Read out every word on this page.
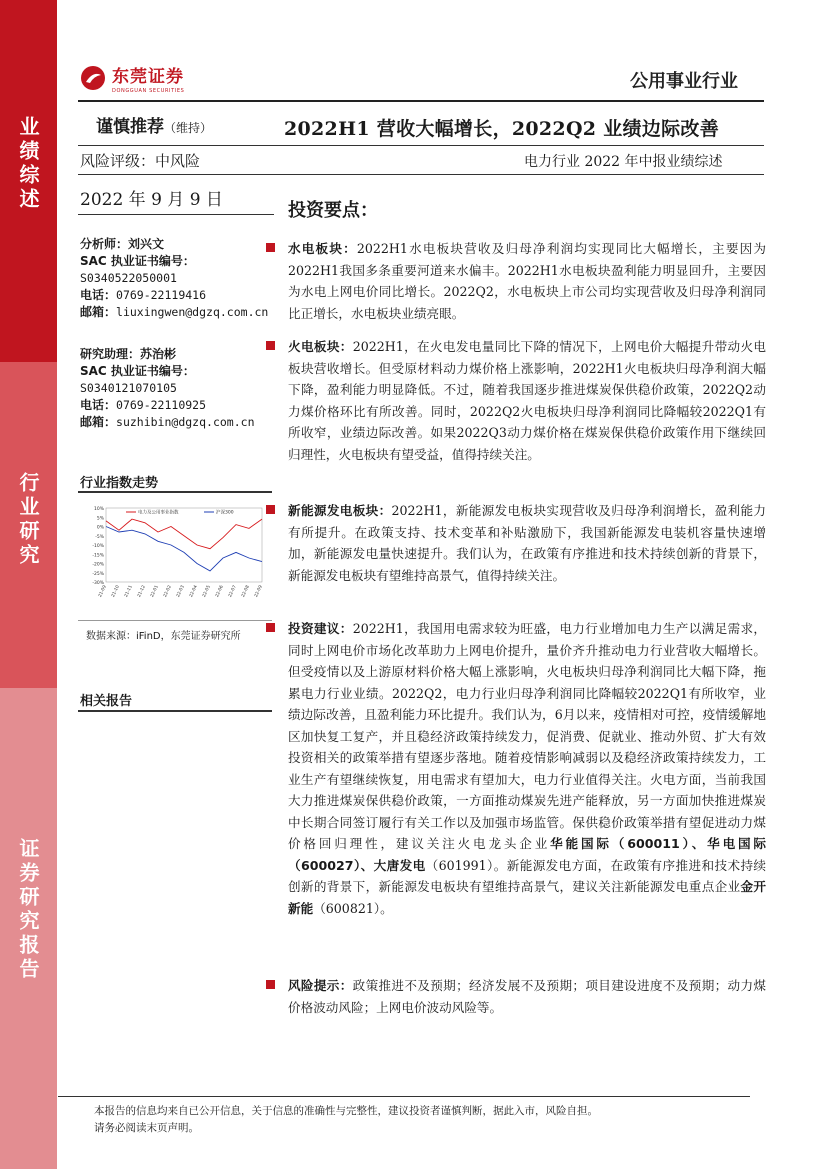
业绩综述
行业研究
证券研究报告
东莞证券
DONGGUAN SECURITIES	公用事业行业
谨慎推荐（维持）	2022H1 营收大幅增长，2022Q2 业绩边际改善
风险评级：中风险	电力行业 2022 年中报业绩综述
2022 年 9 月 9 日	投资要点：
分析师：刘兴文
SAC 执业证书编号：
S0340522050001
电话：0769-22119416
邮箱：liuxingwen@dgzq.com.cn
研究助理：苏治彬
SAC 执业证书编号：
S0340121070105
电话：0769-22110925
邮箱：suzhibin@dgzq.com.cn
行业指数走势
10%
5%
0%
-5%
-10%
-15%
-20%
-25%
-30%
21-09 21-10 21-11 21-12 22-01 22-02 22-03 22-04 22-05 22-06 22-07 22-08 22-09
电力及公用事业指数	沪深300
数据来源：iFinD，东莞证券研究所
相关报告
水电板块：2022H1水电板块营收及归母净利润均实现同比大幅增长，主要因为2022H1我国多条重要河道来水偏丰。2022H1水电板块盈利能力明显回升，主要因为水电上网电价同比增长。2022Q2，水电板块上市公司均实现营收及归母净利润同比正增长，水电板块业绩亮眼。
火电板块：2022H1，在火电发电量同比下降的情况下，上网电价大幅提升带动火电板块营收增长。但受原材料动力煤价格上涨影响，2022H1火电板块归母净利润大幅下降，盈利能力明显降低。不过，随着我国逐步推进煤炭保供稳价政策，2022Q2动力煤价格环比有所改善。同时，2022Q2火电板块归母净利润同比降幅较2022Q1有所收窄，业绩边际改善。如果2022Q3动力煤价格在煤炭保供稳价政策作用下继续回归理性，火电板块有望受益，值得持续关注。
新能源发电板块：2022H1，新能源发电板块实现营收及归母净利润增长，盈利能力有所提升。在政策支持、技术变革和补贴激励下，我国新能源发电装机容量快速增加，新能源发电量快速提升。我们认为，在政策有序推进和技术持续创新的背景下，新能源发电板块有望维持高景气，值得持续关注。
投资建议：2022H1，我国用电需求较为旺盛，电力行业增加电力生产以满足需求，同时上网电价市场化改革助力上网电价提升，量价齐升推动电力行业营收大幅增长。但受疫情以及上游原材料价格大幅上涨影响，火电板块归母净利润同比大幅下降，拖累电力行业业绩。2022Q2，电力行业归母净利润同比降幅较2022Q1有所收窄，业绩边际改善，且盈利能力环比提升。我们认为，6月以来，疫情相对可控，疫情缓解地区加快复工复产，并且稳经济政策持续发力，促消费、促就业、推动外贸、扩大有效投资相关的政策举措有望逐步落地。随着疫情影响减弱以及稳经济政策持续发力，工业生产有望继续恢复，用电需求有望加大，电力行业值得关注。火电方面，当前我国大力推进煤炭保供稳价政策，一方面推动煤炭先进产能释放，另一方面加快推进煤炭中长期合同签订履行有关工作以及加强市场监管。保供稳价政策举措有望促进动力煤价格回归理性，建议关注火电龙头企业华能国际（600011）、华电国际（600027）、大唐发电（601991）。新能源发电方面，在政策有序推进和技术持续创新的背景下，新能源发电板块有望维持高景气，建议关注新能源发电重点企业金开新能（600821）。
风险提示：政策推进不及预期；经济发展不及预期；项目建设进度不及预期；动力煤价格波动风险；上网电价波动风险等。
本报告的信息均来自已公开信息，关于信息的准确性与完整性，建议投资者谨慎判断，据此入市，风险自担。
请务必阅读末页声明。
